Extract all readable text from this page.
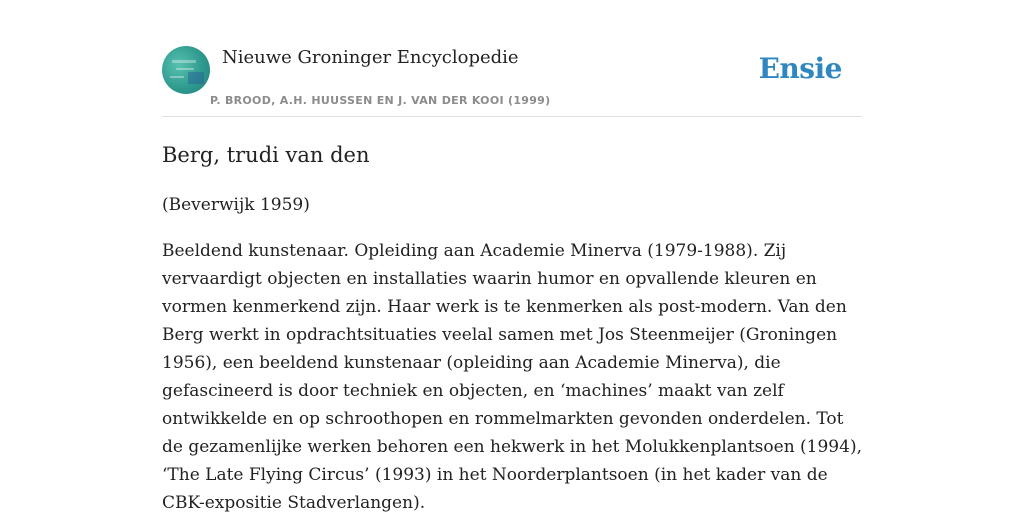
Nieuwe Groninger Encyclopedie
P. BROOD, A.H. HUUSSEN EN J. VAN DER KOOI (1999)
Ensie
Berg, trudi van den

(Beverwijk 1959)

Beeldend kunstenaar. Opleiding aan Academie Minerva (1979-1988). Zij vervaardigt objecten en installaties waarin humor en opvallende kleuren en vormen kenmerkend zijn. Haar werk is te kenmerken als post-modern. Van den Berg werkt in opdrachtsituaties veelal samen met Jos Steenmeijer (Groningen 1956), een beeldend kunstenaar (opleiding aan Academie Minerva), die gefascineerd is door techniek en objecten, en ‘machines’ maakt van zelf ontwikkelde en op schroothopen en rommelmarkten gevonden onderdelen. Tot de gezamenlijke werken behoren een hekwerk in het Molukkenplantsoen (1994), ‘The Late Flying Circus’ (1993) in het Noorderplantsoen (in het kader van de CBK-expositie Stadverlangen).
